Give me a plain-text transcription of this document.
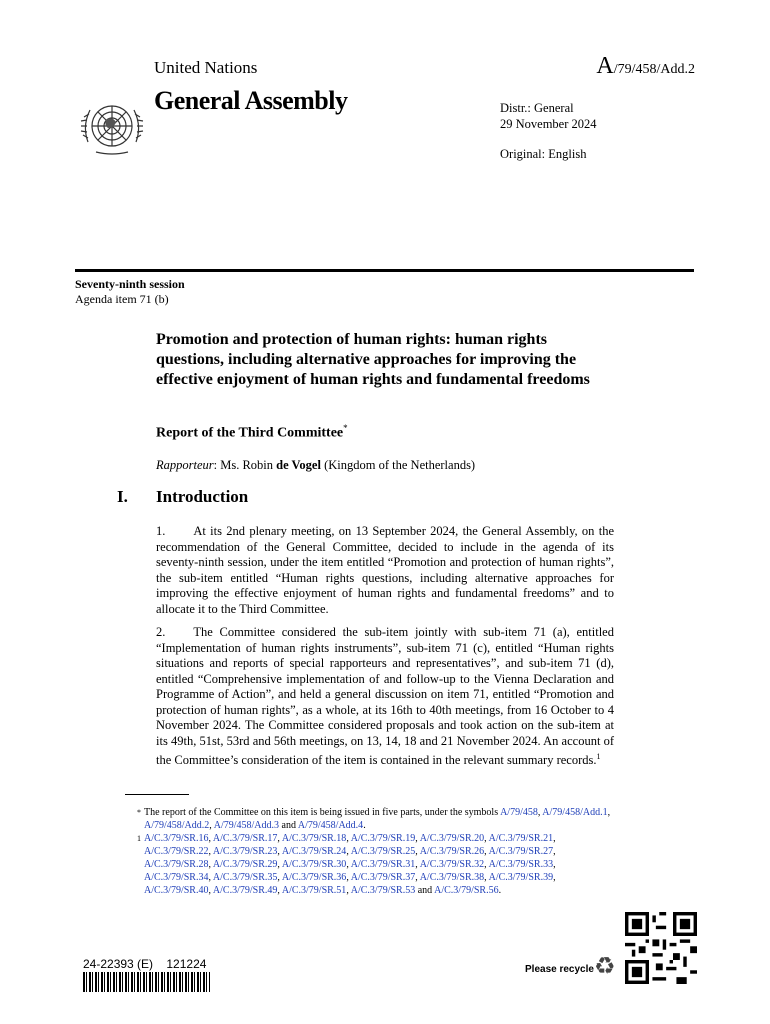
United Nations	A/79/458/Add.2
General Assembly	Distr.: General
29 November 2024
Original: English
Seventy-ninth session
Agenda item 71 (b)
Promotion and protection of human rights: human rights questions, including alternative approaches for improving the effective enjoyment of human rights and fundamental freedoms
Report of the Third Committee*
Rapporteur: Ms. Robin de Vogel (Kingdom of the Netherlands)
I. Introduction
1. At its 2nd plenary meeting, on 13 September 2024, the General Assembly, on the recommendation of the General Committee, decided to include in the agenda of its seventy-ninth session, under the item entitled “Promotion and protection of human rights”, the sub-item entitled “Human rights questions, including alternative approaches for improving the effective enjoyment of human rights and fundamental freedoms” and to allocate it to the Third Committee.
2. The Committee considered the sub-item jointly with sub-item 71 (a), entitled “Implementation of human rights instruments”, sub-item 71 (c), entitled “Human rights situations and reports of special rapporteurs and representatives”, and sub-item 71 (d), entitled “Comprehensive implementation of and follow-up to the Vienna Declaration and Programme of Action”, and held a general discussion on item 71, entitled “Promotion and protection of human rights”, as a whole, at its 16th to 40th meetings, from 16 October to 4 November 2024. The Committee considered proposals and took action on the sub-item at its 49th, 51st, 53rd and 56th meetings, on 13, 14, 18 and 21 November 2024. An account of the Committee’s consideration of the item is contained in the relevant summary records.$^1$
* The report of the Committee on this item is being issued in five parts, under the symbols A/79/458, A/79/458/Add.1, A/79/458/Add.2, A/79/458/Add.3 and A/79/458/Add.4.
1 A/C.3/79/SR.16, A/C.3/79/SR.17, A/C.3/79/SR.18, A/C.3/79/SR.19, A/C.3/79/SR.20, A/C.3/79/SR.21, A/C.3/79/SR.22, A/C.3/79/SR.23, A/C.3/79/SR.24, A/C.3/79/SR.25, A/C.3/79/SR.26, A/C.3/79/SR.27, A/C.3/79/SR.28, A/C.3/79/SR.29, A/C.3/79/SR.30, A/C.3/79/SR.31, A/C.3/79/SR.32, A/C.3/79/SR.33, A/C.3/79/SR.34, A/C.3/79/SR.35, A/C.3/79/SR.36, A/C.3/79/SR.37, A/C.3/79/SR.38, A/C.3/79/SR.39, A/C.3/79/SR.40, A/C.3/79/SR.49, A/C.3/79/SR.51, A/C.3/79/SR.53 and A/C.3/79/SR.56.
24-22393 (E)    121224	Please recycle ♻
